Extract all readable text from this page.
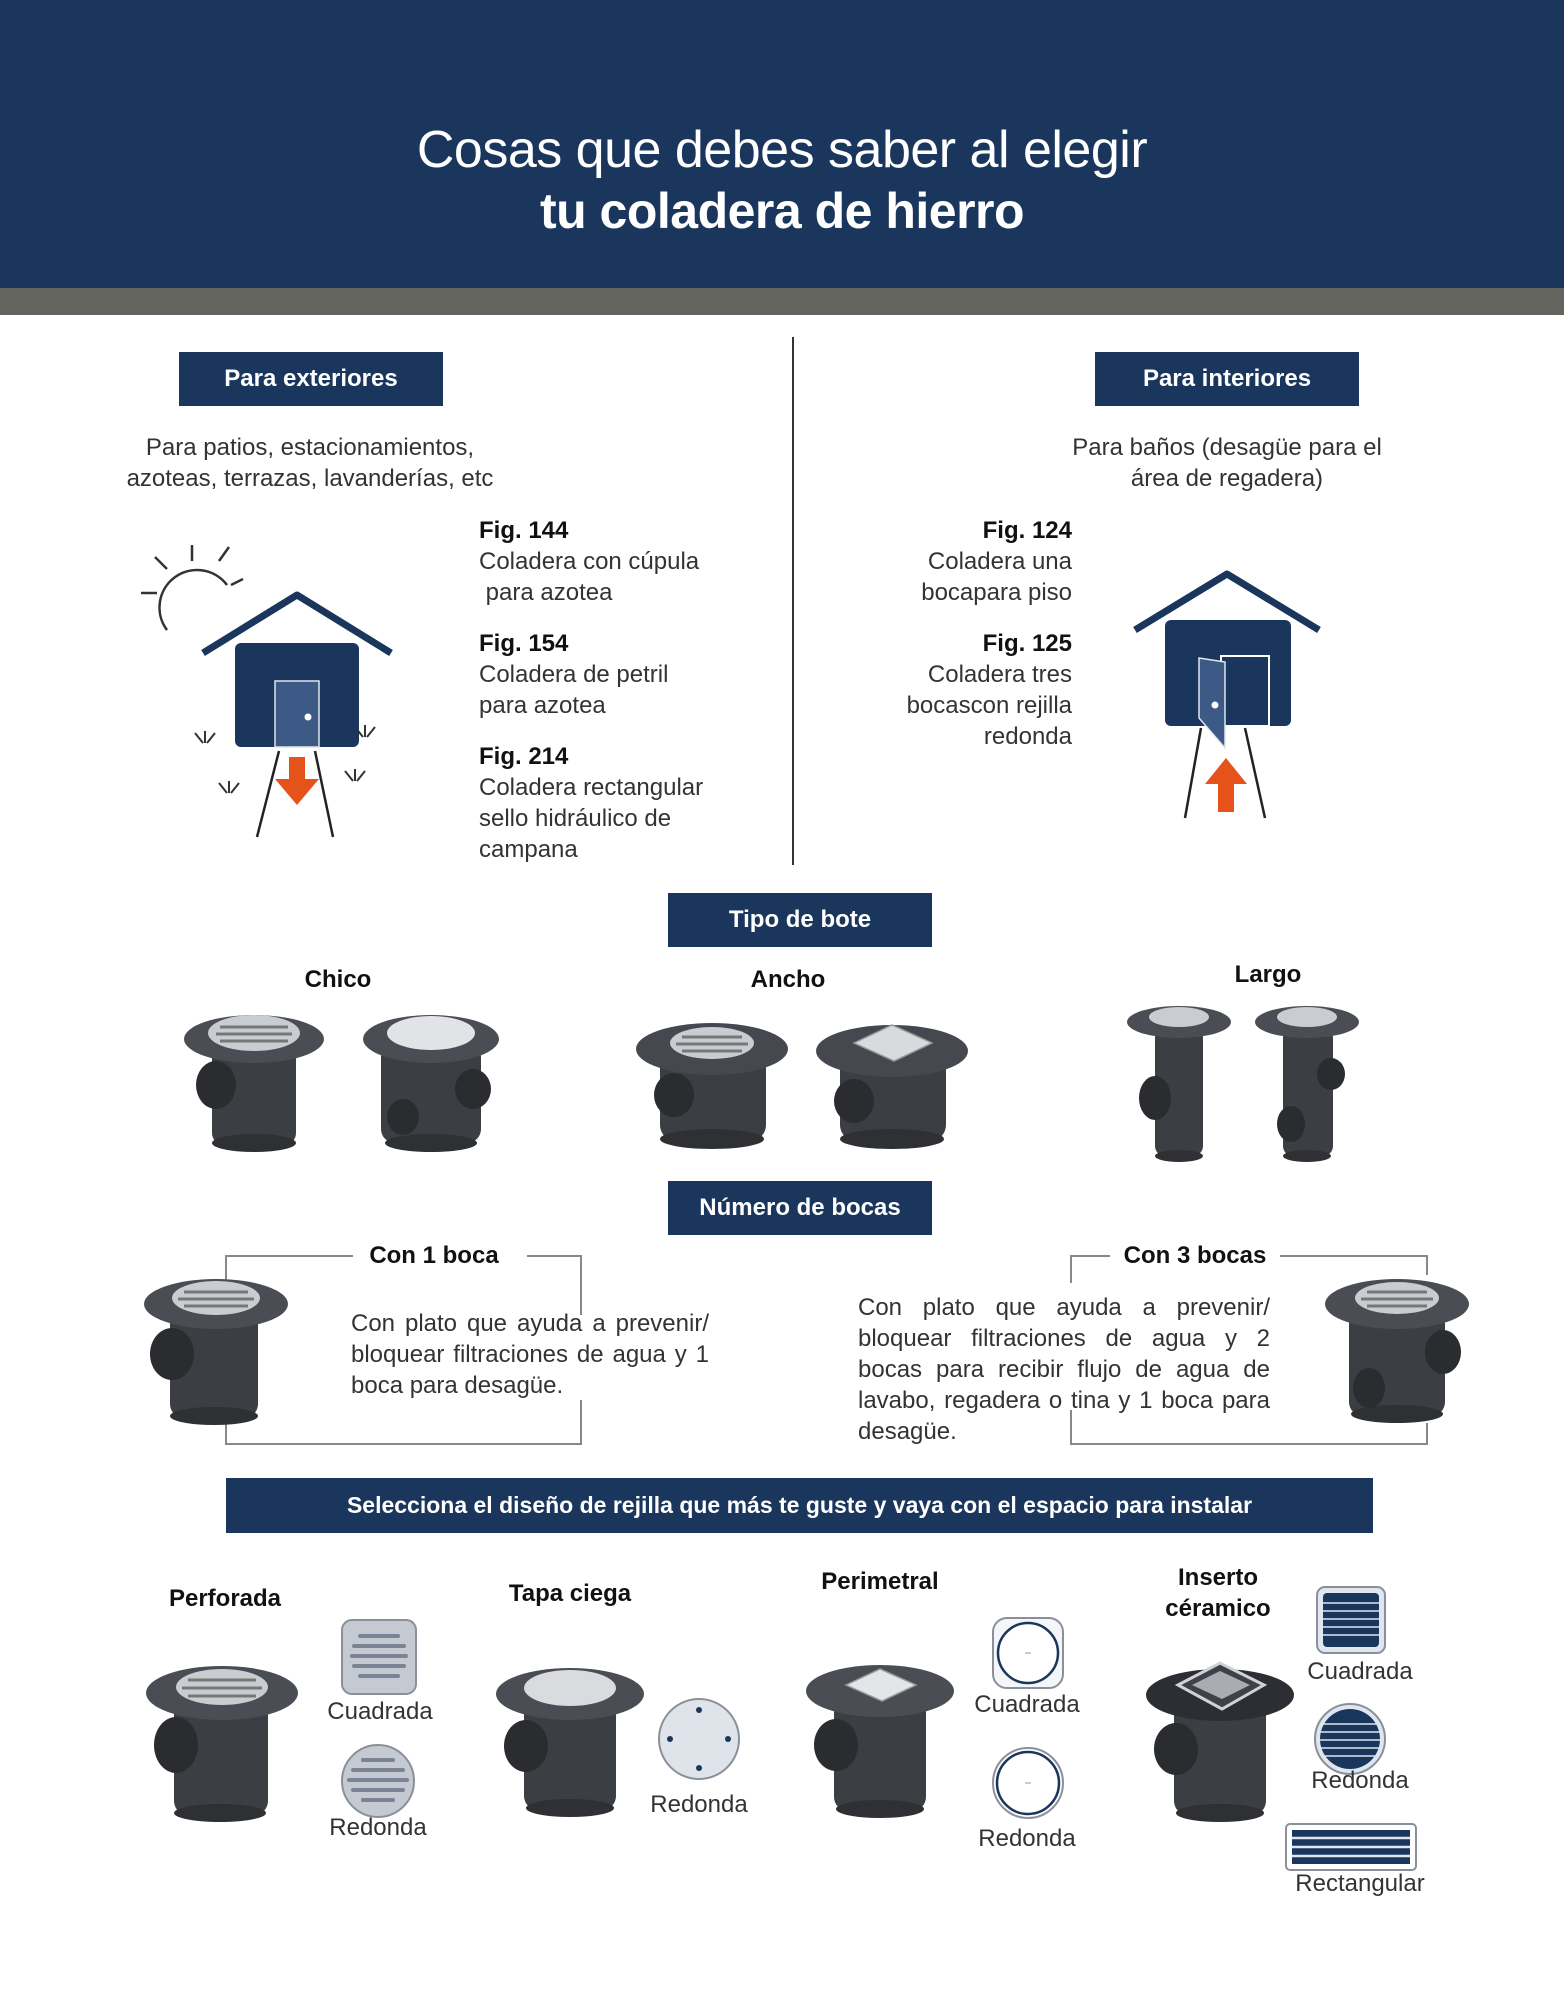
Cosas que debes saber al elegir
tu coladera de hierro
Para exteriores
Para patios, estacionamientos,
azoteas, terrazas, lavanderías, etc
Fig. 144
Coladera con cúpula
para azotea
Fig. 154
Coladera de petril
para azotea
Fig. 214
Coladera rectangular
sello hidráulico de
campana
Para interiores
Para baños (desagüe para el
área de regadera)
Fig. 124
Coladera una
bocapara piso
Fig. 125
Coladera tres
bocascon rejilla
redonda
Tipo de bote
Chico	Ancho	Largo
Número de bocas
Con 1 boca
Con plato que ayuda a prevenir/ bloquear filtraciones de agua y 1 boca para desagüe.
Con 3 bocas
Con plato que ayuda a prevenir/ bloquear filtraciones de agua y 2 bocas para recibir flujo de agua de lavabo, regadera o tina y 1 boca para desagüe.
Selecciona el diseño de rejilla que más te guste y vaya con el espacio para instalar
Perforada
Cuadrada
Redonda
Tapa ciega
Redonda
Perimetral
Cuadrada
Redonda
Inserto
céramico
Cuadrada
Redonda
Rectangular
